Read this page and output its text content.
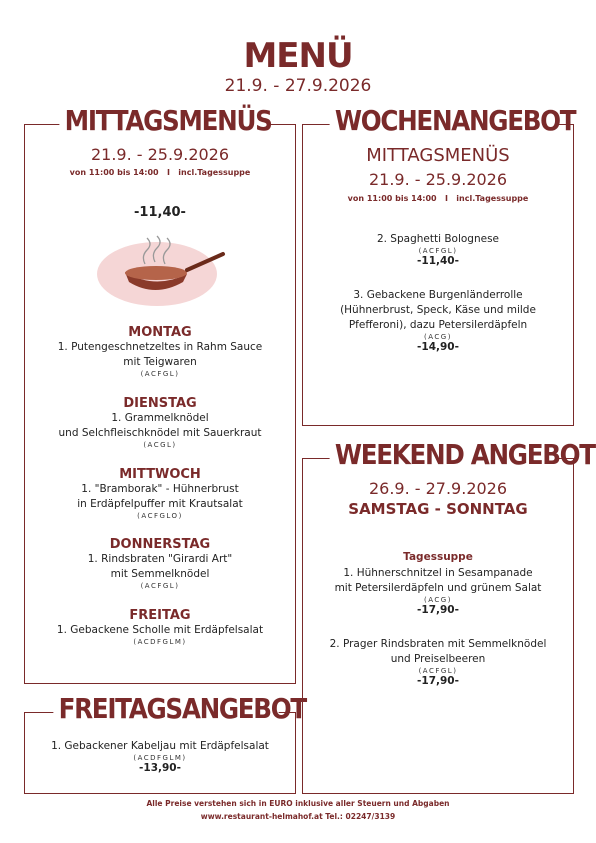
MENÜ
21.9. - 27.9.2026
MITTAGSMENÜS
21.9. - 25.9.2026
von 11:00 bis 14:00   I   incl.Tagessuppe
-11,40-
MONTAG
1. Putengeschnetzeltes in Rahm Sauce
mit Teigwaren
(ACFGL)
DIENSTAG
1. Grammelknödel
und Selchfleischknödel mit Sauerkraut
(ACGL)
MITTWOCH
1. "Bramborak" - Hühnerbrust
in Erdäpfelpuffer mit Krautsalat
(ACFGLO)
DONNERSTAG
1. Rindsbraten "Girardi Art"
mit Semmelknödel
(ACFGL)
FREITAG
1. Gebackene Scholle mit Erdäpfelsalat
(ACDFGLM)
WOCHENANGEBOT
MITTAGSMENÜS
21.9. - 25.9.2026
von 11:00 bis 14:00   I   incl.Tagessuppe
2. Spaghetti Bolognese
(ACFGL)
-11,40-
3. Gebackene Burgenländerrolle
(Hühnerbrust, Speck, Käse und milde
Pfefferoni), dazu Petersilerdäpfeln
(ACG)
-14,90-
WEEKEND ANGEBOT
26.9. - 27.9.2026
SAMSTAG - SONNTAG
Tagessuppe
1. Hühnerschnitzel in Sesampanade
mit Petersilerdäpfeln und grünem Salat
(ACG)
-17,90-
2. Prager Rindsbraten mit Semmelknödel
und Preiselbeeren
(ACFGL)
-17,90-
FREITAGSANGEBOT
1. Gebackener Kabeljau mit Erdäpfelsalat
(ACDFGLM)
-13,90-
Alle Preise verstehen sich in EURO inklusive aller Steuern und Abgaben
www.restaurant-helmahof.at Tel.: 02247/3139
